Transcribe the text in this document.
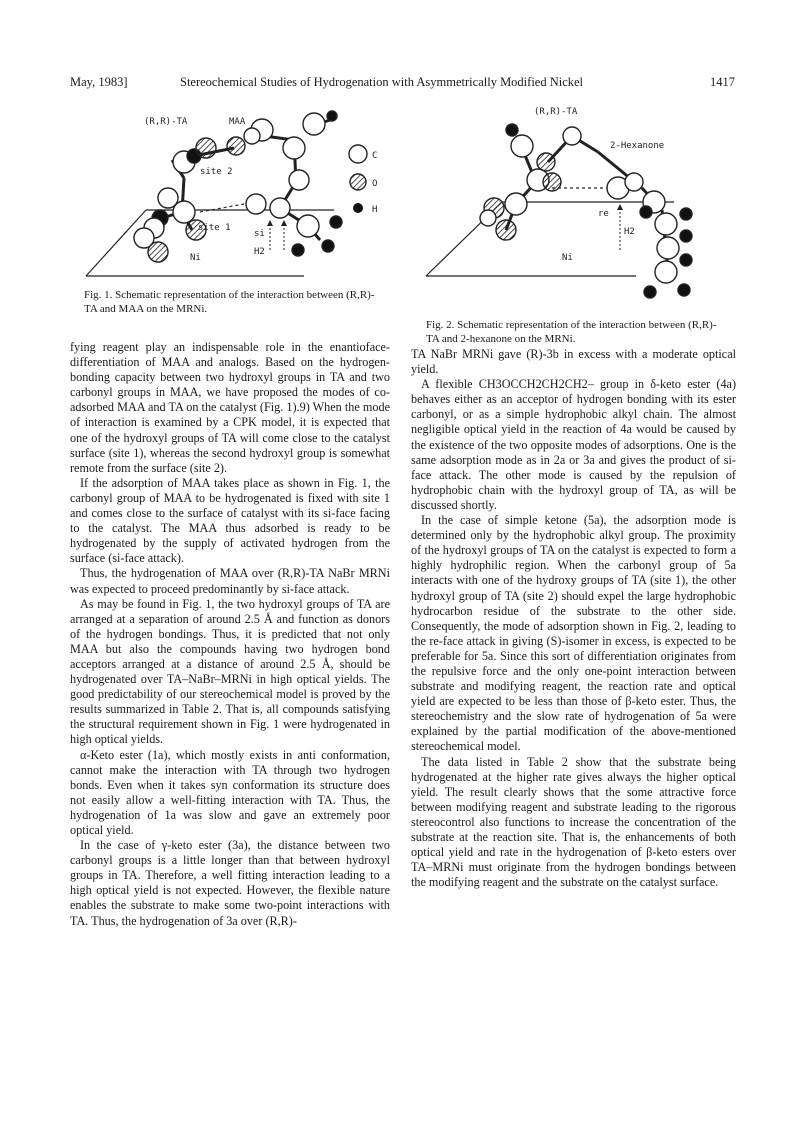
May, 1983]	Stereochemical Studies of Hydrogenation with Asymmetrically Modified Nickel	1417
(R,R)-TA	MAA
site 2
site 1
si
H2
Ni
C
O
H
Fig. 1. Schematic representation of the interaction between (R,R)-TA and MAA on the MRNi.
(R,R)-TA
2-Hexanone
re
H2
Ni
Fig. 2. Schematic representation of the interaction between (R,R)-TA and 2-hexanone on the MRNi.

fying reagent play an indispensable role in the enantioface-differentiation of MAA and analogs. Based on the hydrogen-bonding capacity between two hydroxyl groups in TA and two carbonyl groups in MAA, we have proposed the modes of co-adsorbed MAA and TA on the catalyst (Fig. 1).9) When the mode of interaction is examined by a CPK model, it is expected that one of the hydroxyl groups of TA will come close to the catalyst surface (site 1), whereas the second hydroxyl group is somewhat remote from the surface (site 2).

If the adsorption of MAA takes place as shown in Fig. 1, the carbonyl group of MAA to be hydrogenated is fixed with site 1 and comes close to the surface of catalyst with its si-face facing to the catalyst. The MAA thus adsorbed is ready to be hydrogenated by the supply of activated hydrogen from the surface (si-face attack).

Thus, the hydrogenation of MAA over (R,R)-TA NaBr MRNi was expected to proceed predominantly by si-face attack.

As may be found in Fig. 1, the two hydroxyl groups of TA are arranged at a separation of around 2.5 Å and function as donors of the hydrogen bondings. Thus, it is predicted that not only MAA but also the compounds having two hydrogen bond acceptors arranged at a distance of around 2.5 Å, should be hydrogenated over TA–NaBr–MRNi in high optical yields. The good predictability of our stereochemical model is proved by the results summarized in Table 2. That is, all compounds satisfying the structural requirement shown in Fig. 1 were hydrogenated in high optical yields.

α-Keto ester (1a), which mostly exists in anti conformation, cannot make the interaction with TA through two hydrogen bonds. Even when it takes syn conformation its structure does not easily allow a well-fitting interaction with TA. Thus, the hydrogenation of 1a was slow and gave an extremely poor optical yield.

In the case of γ-keto ester (3a), the distance between two carbonyl groups is a little longer than that between hydroxyl groups in TA. Therefore, a well fitting interaction leading to a high optical yield is not expected. However, the flexible nature enables the substrate to make some two-point interactions with TA. Thus, the hydrogenation of 3a over (R,R)-

TA NaBr MRNi gave (R)-3b in excess with a moderate optical yield.

A flexible CH3OCCH2CH2CH2– group in δ-keto ester (4a) behaves either as an acceptor of hydrogen bonding with its ester carbonyl, or as a simple hydrophobic alkyl chain. The almost negligible optical yield in the reaction of 4a would be caused by the existence of the two opposite modes of adsorptions. One is the same adsorption mode as in 2a or 3a and gives the product of si-face attack. The other mode is caused by the repulsion of hydrophobic chain with the hydroxyl group of TA, as will be discussed shortly.

In the case of simple ketone (5a), the adsorption mode is determined only by the hydrophobic alkyl group. The proximity of the hydroxyl groups of TA on the catalyst is expected to form a highly hydrophilic region. When the carbonyl group of 5a interacts with one of the hydroxy groups of TA (site 1), the other hydroxyl group of TA (site 2) should expel the large hydrophobic hydrocarbon residue of the substrate to the other side. Consequently, the mode of adsorption shown in Fig. 2, leading to the re-face attack in giving (S)-isomer in excess, is expected to be preferable for 5a. Since this sort of differentiation originates from the repulsive force and the only one-point interaction between substrate and modifying reagent, the reaction rate and optical yield are expected to be less than those of β-keto ester. Thus, the stereochemistry and the slow rate of hydrogenation of 5a were explained by the partial modification of the above-mentioned stereochemical model.

The data listed in Table 2 show that the substrate being hydrogenated at the higher rate gives always the higher optical yield. The result clearly shows that the some attractive force between modifying reagent and substrate leading to the rigorous stereocontrol also functions to increase the concentration of the substrate at the reaction site. That is, the enhancements of both optical yield and rate in the hydrogenation of β-keto esters over TA–MRNi must originate from the hydrogen bondings between the modifying reagent and the substrate on the catalyst surface.
